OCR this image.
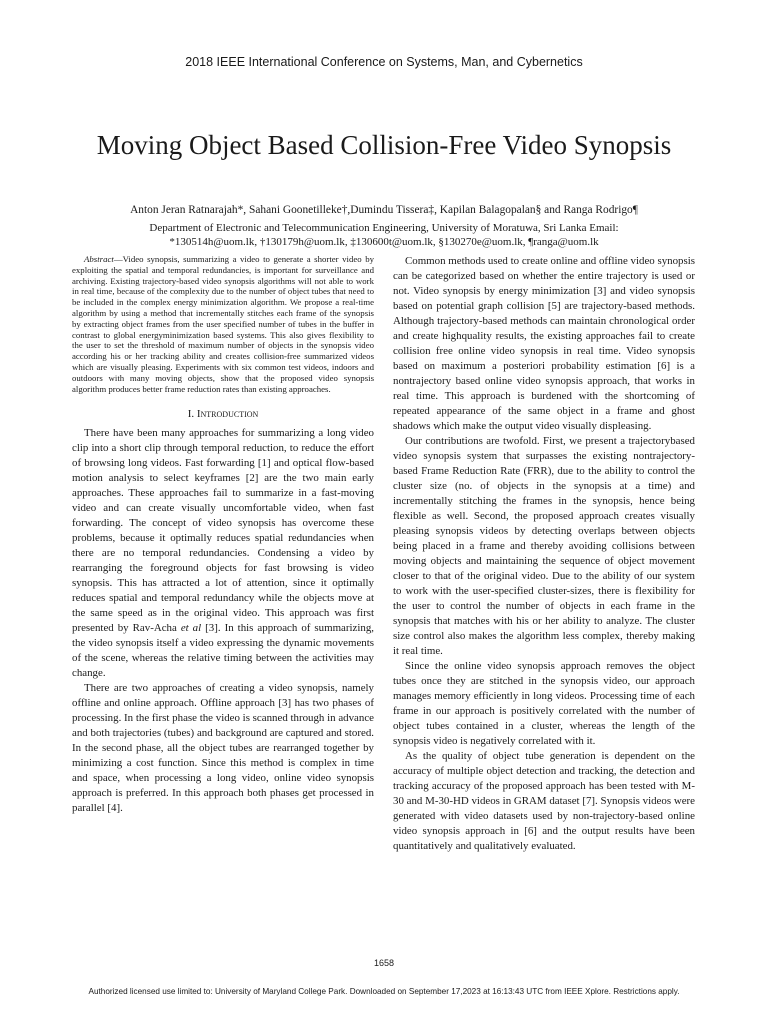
2018 IEEE International Conference on Systems, Man, and Cybernetics
Moving Object Based Collision-Free Video Synopsis
Anton Jeran Ratnarajah*, Sahani Goonetilleke†,Dumindu Tissera‡, Kapilan Balagopalan§ and Ranga Rodrigo¶
Department of Electronic and Telecommunication Engineering, University of Moratuwa, Sri Lanka Email:
*130514h@uom.lk, †130179h@uom.lk, ‡130600t@uom.lk, §130270e@uom.lk, ¶ranga@uom.lk

Abstract—Video synopsis, summarizing a video to generate a shorter video by exploiting the spatial and temporal redundancies, is important for surveillance and archiving. Existing trajectory-based video synopsis algorithms will not able to work in real time, because of the complexity due to the number of object tubes that need to be included in the complex energy minimization algorithm. We propose a real-time algorithm by using a method that incrementally stitches each frame of the synopsis by extracting object frames from the user specified number of tubes in the buffer in contrast to global energyminimization based systems. This also gives flexibility to the user to set the threshold of maximum number of objects in the synopsis video according his or her tracking ability and creates collision-free summarized videos which are visually pleasing. Experiments with six common test videos, indoors and outdoors with many moving objects, show that the proposed video synopsis algorithm produces better frame reduction rates than existing approaches.

I. Introduction

There have been many approaches for summarizing a long video clip into a short clip through temporal reduction, to reduce the effort of browsing long videos. Fast forwarding [1] and optical flow-based motion analysis to select keyframes [2] are the two main early approaches. These approaches fail to summarize in a fast-moving video and can create visually uncomfortable video, when fast forwarding. The concept of video synopsis has overcome these problems, because it optimally reduces spatial redundancies when there are no temporal redundancies. Condensing a video by rearranging the foreground objects for fast browsing is video synopsis. This has attracted a lot of attention, since it optimally reduces spatial and temporal redundancy while the objects move at the same speed as in the original video. This approach was first presented by Rav-Acha et al [3]. In this approach of summarizing, the video synopsis itself a video expressing the dynamic movements of the scene, whereas the relative timing between the activities may change.

There are two approaches of creating a video synopsis, namely offline and online approach. Offline approach [3] has two phases of processing. In the first phase the video is scanned through in advance and both trajectories (tubes) and background are captured and stored. In the second phase, all the object tubes are rearranged together by minimizing a cost function. Since this method is complex in time and space, when processing a long video, online video synopsis approach is preferred. In this approach both phases get processed in parallel [4].

Common methods used to create online and offline video synopsis can be categorized based on whether the entire trajectory is used or not. Video synopsis by energy minimization [3] and video synopsis based on potential graph collision [5] are trajectory-based methods. Although trajectory-based methods can maintain chronological order and create highquality results, the existing approaches fail to create collision free online video synopsis in real time. Video synopsis based on maximum a posteriori probability estimation [6] is a nontrajectory based online video synopsis approach, that works in real time. This approach is burdened with the shortcoming of repeated appearance of the same object in a frame and ghost shadows which make the output video visually displeasing.

Our contributions are twofold. First, we present a trajectorybased video synopsis system that surpasses the existing nontrajectory-based Frame Reduction Rate (FRR), due to the ability to control the cluster size (no. of objects in the synopsis at a time) and incrementally stitching the frames in the synopsis, hence being flexible as well. Second, the proposed approach creates visually pleasing synopsis videos by detecting overlaps between objects being placed in a frame and thereby avoiding collisions between moving objects and maintaining the sequence of object movement closer to that of the original video. Due to the ability of our system to work with the user-specified cluster-sizes, there is flexibility for the user to control the number of objects in each frame in the synopsis that matches with his or her ability to analyze. The cluster size control also makes the algorithm less complex, thereby making it real time.

Since the online video synopsis approach removes the object tubes once they are stitched in the synopsis video, our approach manages memory efficiently in long videos. Processing time of each frame in our approach is positively correlated with the number of object tubes contained in a cluster, whereas the length of the synopsis video is negatively correlated with it.

As the quality of object tube generation is dependent on the accuracy of multiple object detection and tracking, the detection and tracking accuracy of the proposed approach has been tested with M-30 and M-30-HD videos in GRAM dataset [7]. Synopsis videos were generated with video datasets used by non-trajectory-based online video synopsis approach in [6] and the output results have been quantitatively and qualitatively evaluated.

1658
Authorized licensed use limited to: University of Maryland College Park. Downloaded on September 17,2023 at 16:13:43 UTC from IEEE Xplore. Restrictions apply.
